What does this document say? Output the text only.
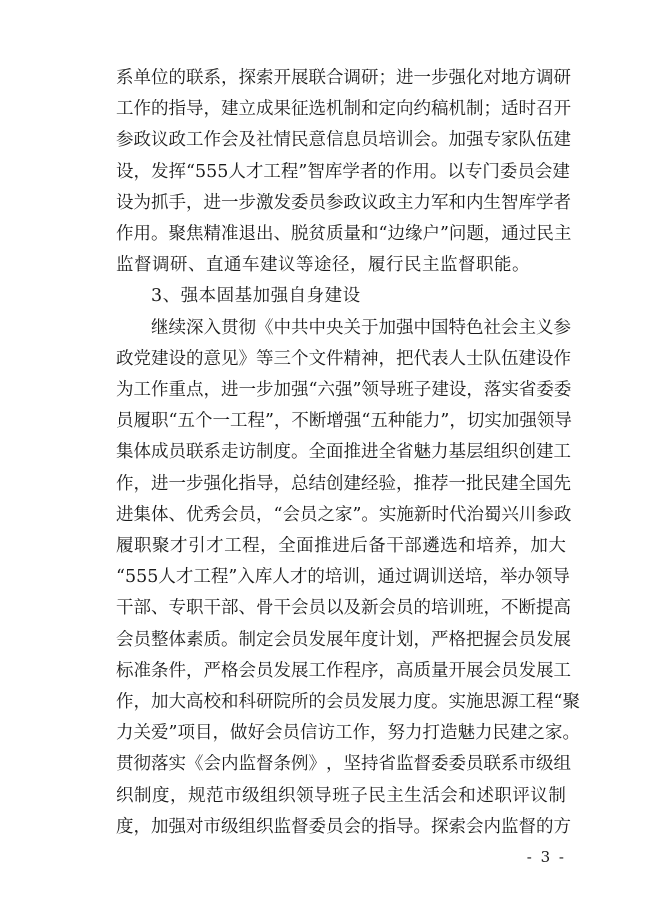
系 单 位 的 联 系 ， 探 索 开 展 联 合 调 研 ； 进 一 步 强 化 对 地 方 调 研
工 作 的 指 导 ， 建 立 成 果 征 选 机 制 和 定 向 约 稿 机 制 ； 适 时 召 开
参 政 议 政 工 作 会 及 社 情 民 意 信 息 员 培 训 会 。 加 强 专 家 队 伍 建
设 ， 发 挥 “ 555 人 才 工 程 ” 智 库 学 者 的 作 用 。 以 专 门 委 员 会 建
设 为 抓 手 ， 进 一 步 激 发 委 员 参 政 议 政 主 力 军 和 内 生 智 库 学 者
作 用 。 聚 焦 精 准 退 出 、 脱 贫 质 量 和 “ 边 缘 户 ” 问 题 ， 通 过 民 主
监督调研、直通车建议等途径，履行民主监督职能。
3、强本固基加强自身建设
继 续 深 入 贯 彻 《 中 共 中 央 关 于 加 强 中 国 特 色 社 会 主 义 参
政 党 建 设 的 意 见 》 等 三 个 文 件 精 神 ， 把 代 表 人 士 队 伍 建 设 作
为 工 作 重 点 ， 进 一 步 加 强 “ 六 强 ” 领 导 班 子 建 设 ， 落 实 省 委 委
员 履 职 “ 五 个 一 工 程 ” ， 不 断 增 强 “ 五 种 能 力 ” ， 切 实 加 强 领 导
集 体 成 员 联 系 走 访 制 度 。 全 面 推 进 全 省 魅 力 基 层 组 织 创 建 工
作 ， 进 一 步 强 化 指 导 ， 总 结 创 建 经 验 ， 推 荐 一 批 民 建 全 国 先
进 集 体 、 优 秀 会 员 ， “ 会 员 之 家 ” 。 实 施 新 时 代 治 蜀 兴 川 参 政
履 职 聚 才 引 才 工 程 ， 全 面 推 进 后 备 干 部 遴 选 和 培 养 ， 加 大
“ 555 人 才 工 程 ” 入 库 人 才 的 培 训 ， 通 过 调 训 送 培 ， 举 办 领 导
干 部 、 专 职 干 部 、 骨 干 会 员 以 及 新 会 员 的 培 训 班 ， 不 断 提 高
会 员 整 体 素 质 。 制 定 会 员 发 展 年 度 计 划 ， 严 格 把 握 会 员 发 展
标 准 条 件 ， 严 格 会 员 发 展 工 作 程 序 ， 高 质 量 开 展 会 员 发 展 工
作 ， 加 大 高 校 和 科 研 院 所 的 会 员 发 展 力 度 。 实 施 思 源 工 程 “ 聚
力 关 爱 ” 项 目 ， 做 好 会 员 信 访 工 作 ， 努 力 打 造 魅 力 民 建 之 家 。
贯 彻 落 实 《 会 内 监 督 条 例 》 ， 坚 持 省 监 督 委 委 员 联 系 市 级 组
织 制 度 ， 规 范 市 级 组 织 领 导 班 子 民 主 生 活 会 和 述 职 评 议 制
度 ， 加 强 对 市 级 组 织 监 督 委 员 会 的 指 导 。 探 索 会 内 监 督 的 方
- 3 -
